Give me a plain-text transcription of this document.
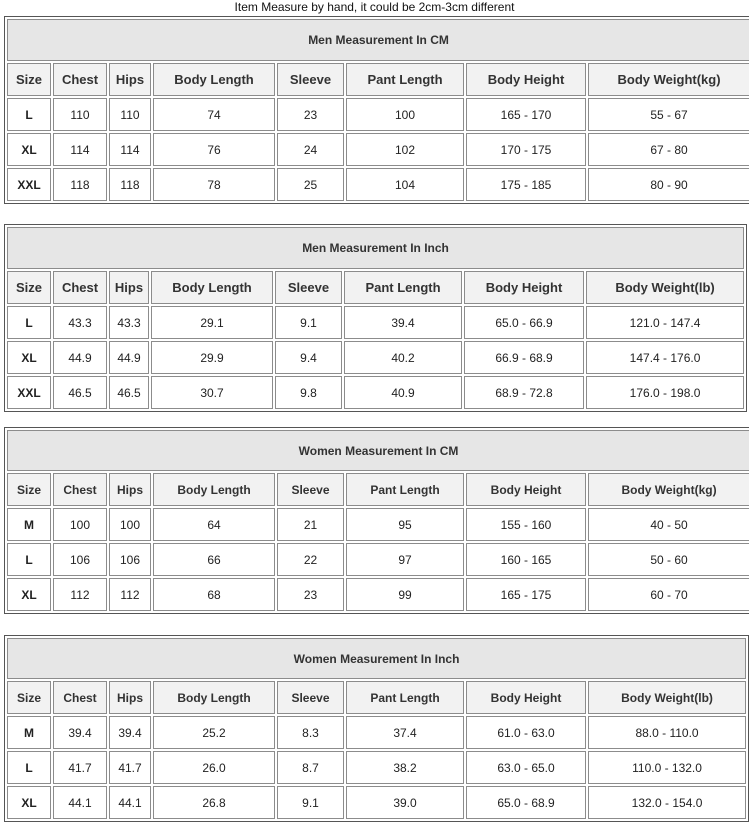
Item Measure by hand, it could be 2cm-3cm different
Men Measurement In CM							
Size	Chest	Hips	Body Length	Sleeve	Pant Length	Body Height	Body Weight(kg)
L	110	110	74	23	100	165 - 170	55 - 67
XL	114	114	76	24	102	170 - 175	67 - 80
XXL	118	118	78	25	104	175 - 185	80 - 90
Men Measurement In Inch							
Size	Chest	Hips	Body Length	Sleeve	Pant Length	Body Height	Body Weight(lb)
L	43.3	43.3	29.1	9.1	39.4	65.0 - 66.9	121.0 - 147.4
XL	44.9	44.9	29.9	9.4	40.2	66.9 - 68.9	147.4 - 176.0
XXL	46.5	46.5	30.7	9.8	40.9	68.9 - 72.8	176.0 - 198.0
Women Measurement In CM							
Size	Chest	Hips	Body Length	Sleeve	Pant Length	Body Height	Body Weight(kg)
M	100	100	64	21	95	155 - 160	40 - 50
L	106	106	66	22	97	160 - 165	50 - 60
XL	112	112	68	23	99	165 - 175	60 - 70
Women Measurement In Inch							
Size	Chest	Hips	Body Length	Sleeve	Pant Length	Body Height	Body Weight(lb)
M	39.4	39.4	25.2	8.3	37.4	61.0 - 63.0	88.0 - 110.0
L	41.7	41.7	26.0	8.7	38.2	63.0 - 65.0	110.0 - 132.0
XL	44.1	44.1	26.8	9.1	39.0	65.0 - 68.9	132.0 - 154.0
